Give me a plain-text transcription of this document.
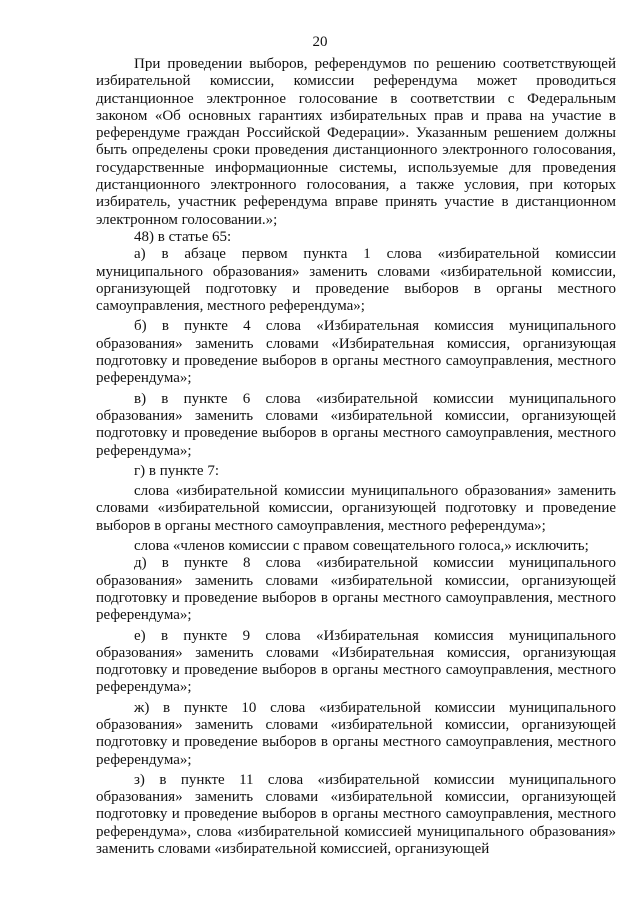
20

При проведении выборов, референдумов по решению соответствующей избирательной комиссии, комиссии референдума может проводиться дистанционное электронное голосование в соответствии с Федеральным законом «Об основных гарантиях избирательных прав и права на участие в референдуме граждан Российской Федерации». Указанным решением должны быть определены сроки проведения дистанционного электронного голосования, государственные информационные системы, используемые для проведения дистанционного электронного голосования, а также условия, при которых избиратель, участник референдума вправе принять участие в дистанционном электронном голосовании.»;

48) в статье 65:

а) в абзаце первом пункта 1 слова «избирательной комиссии муниципального образования» заменить словами «избирательной комиссии, организующей подготовку и проведение выборов в органы местного самоуправления, местного референдума»;

б) в пункте 4 слова «Избирательная комиссия муниципального образования» заменить словами «Избирательная комиссия, организующая подготовку и проведение выборов в органы местного самоуправления, местного референдума»;

в) в пункте 6 слова «избирательной комиссии муниципального образования» заменить словами «избирательной комиссии, организующей подготовку и проведение выборов в органы местного самоуправления, местного референдума»;

г) в пункте 7:

слова «избирательной комиссии муниципального образования» заменить словами «избирательной комиссии, организующей подготовку и проведение выборов в органы местного самоуправления, местного референдума»;

слова «членов комиссии с правом совещательного голоса,» исключить;

д) в пункте 8 слова «избирательной комиссии муниципального образования» заменить словами «избирательной комиссии, организующей подготовку и проведение выборов в органы местного самоуправления, местного референдума»;

е) в пункте 9 слова «Избирательная комиссия муниципального образования» заменить словами «Избирательная комиссия, организующая подготовку и проведение выборов в органы местного самоуправления, местного референдума»;

ж) в пункте 10 слова «избирательной комиссии муниципального образования» заменить словами «избирательной комиссии, организующей подготовку и проведение выборов в органы местного самоуправления, местного референдума»;

з) в пункте 11 слова «избирательной комиссии муниципального образования» заменить словами «избирательной комиссии, организующей подготовку и проведение выборов в органы местного самоуправления, местного референдума», слова «избирательной комиссией муниципального образования» заменить словами «избирательной комиссией, организующей
